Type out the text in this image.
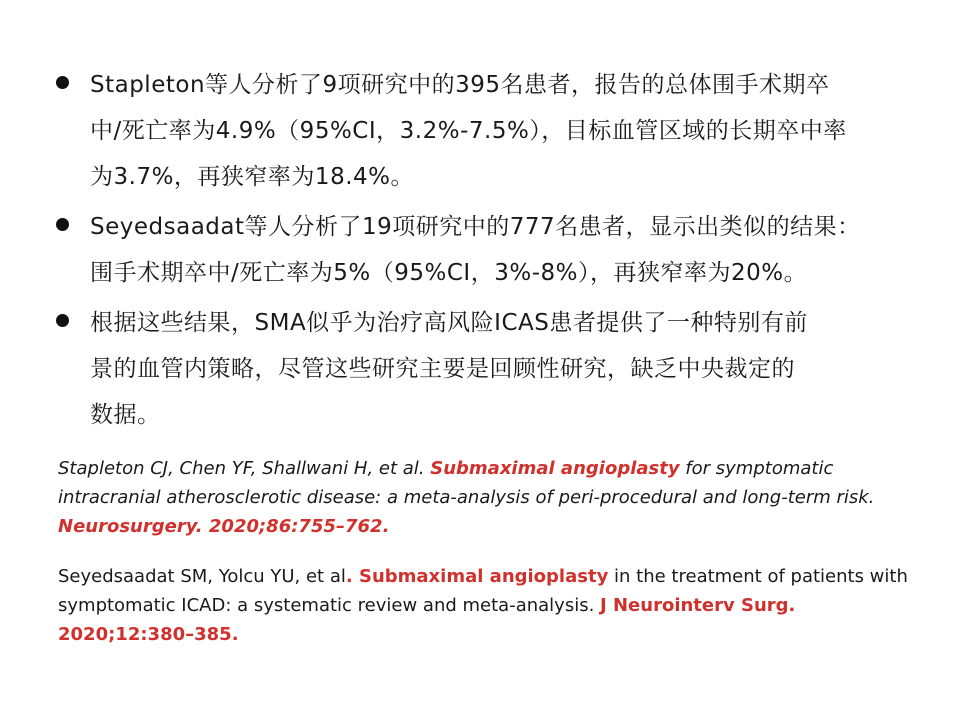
Stapleton等人分析了9项研究中的395名患者，报告的总体围手术期卒
中/死亡率为4.9%（95%CI，3.2%-7.5%），目标血管区域的长期卒中率
为3.7%，再狭窄率为18.4%。
Seyedsaadat等人分析了19项研究中的777名患者，显示出类似的结果：
围手术期卒中/死亡率为5%（95%CI，3%-8%），再狭窄率为20%。
根据这些结果，SMA似乎为治疗高风险ICAS患者提供了一种特别有前
景的血管内策略，尽管这些研究主要是回顾性研究，缺乏中央裁定的
数据。
Stapleton CJ, Chen YF, Shallwani H, et al. Submaximal angioplasty for symptomatic intracranial atherosclerotic disease: a meta-analysis of peri-procedural and long-term risk. Neurosurgery. 2020;86:755–762.
Seyedsaadat SM, Yolcu YU, et al. Submaximal angioplasty in the treatment of patients with symptomatic ICAD: a systematic review and meta-analysis. J Neurointerv Surg. 2020;12:380–385.
